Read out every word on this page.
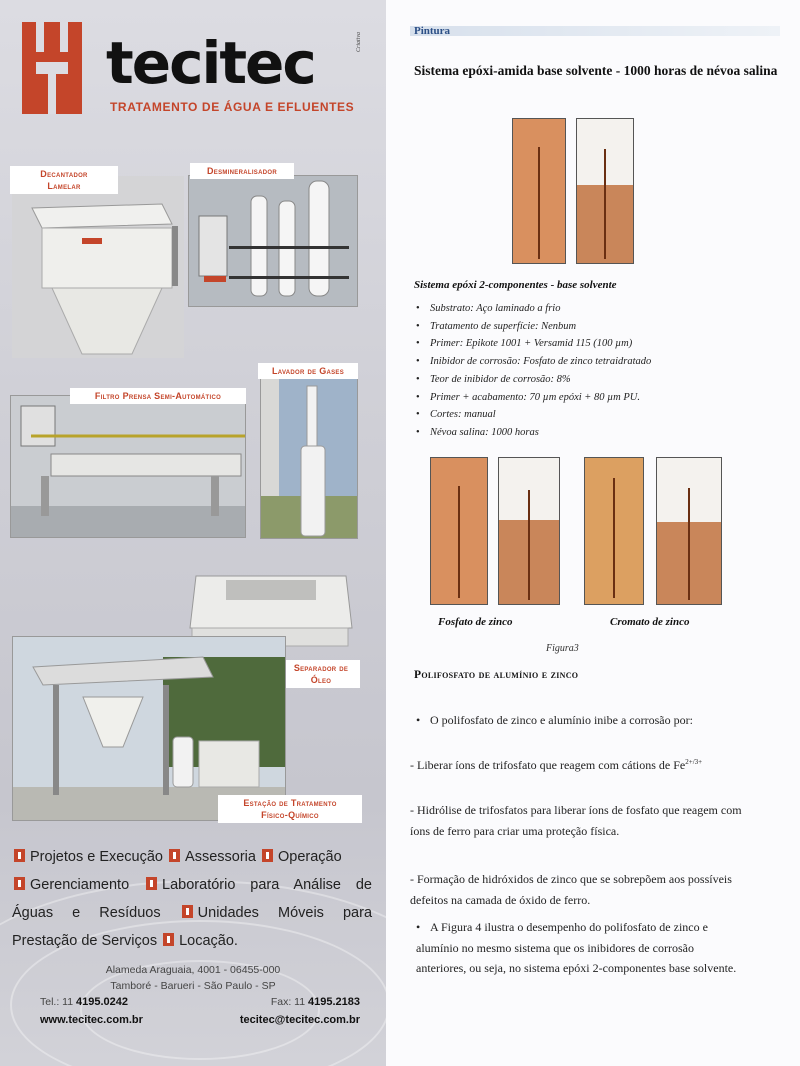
tecitec
TRATAMENTO DE ÁGUA E EFLUENTES
Criativa
Decantador
Lamelar
Desmineralisador
Filtro Prensa Semi-Automático
Lavador de Gases
Separador de
Óleo
Estação de Tratamento
Físico-Químico
Projetos e Execução Assessoria Operação
Gerenciamento Laboratório para Análise de
Águas e Resíduos	Unidades Móveis para
Prestação de Serviços Locação.
Alameda Araguaia, 4001 - 06455-000
Tamboré - Barueri - São Paulo - SP
Tel.: 11 4195.0242	Fax: 11 4195.2183
www.tecitec.com.br	tecitec@tecitec.com.br
Pintura
Sistema epóxi-amida base solvente - 1000 horas de névoa salina
Sistema epóxi 2-componentes - base solvente
• Substrato: Aço laminado a frio
• Tratamento de superfície: Nenbum
• Primer: Epikote 1001 + Versamid 115 (100 µm)
• Inibidor de corrosão: Fosfato de zinco tetraidratado
• Teor de inibidor de corrosão: 8%
• Primer + acabamento: 70 µm epóxi + 80 µm PU.
• Cortes: manual
• Névoa salina: 1000 horas
Fosfato de zinco	Cromato de zinco
Figura3
Polifosfato de alumínio e zinco
• O polifosfato de zinco e alumínio inibe a corrosão por:
- Liberar íons de trifosfato que reagem com cátions de $Fe^{2+/3+}$
- Hidrólise de trifosfatos para liberar íons de fosfato que reagem com íons de ferro para criar uma proteção física.
- Formação de hidróxidos de zinco que se sobrepõem aos possíveis defeitos na camada de óxido de ferro.
• A Figura 4 ilustra o desempenho do polifosfato de zinco e alumínio no mesmo sistema que os inibidores de corrosão anteriores, ou seja, no sistema epóxi 2-componentes base solvente.
